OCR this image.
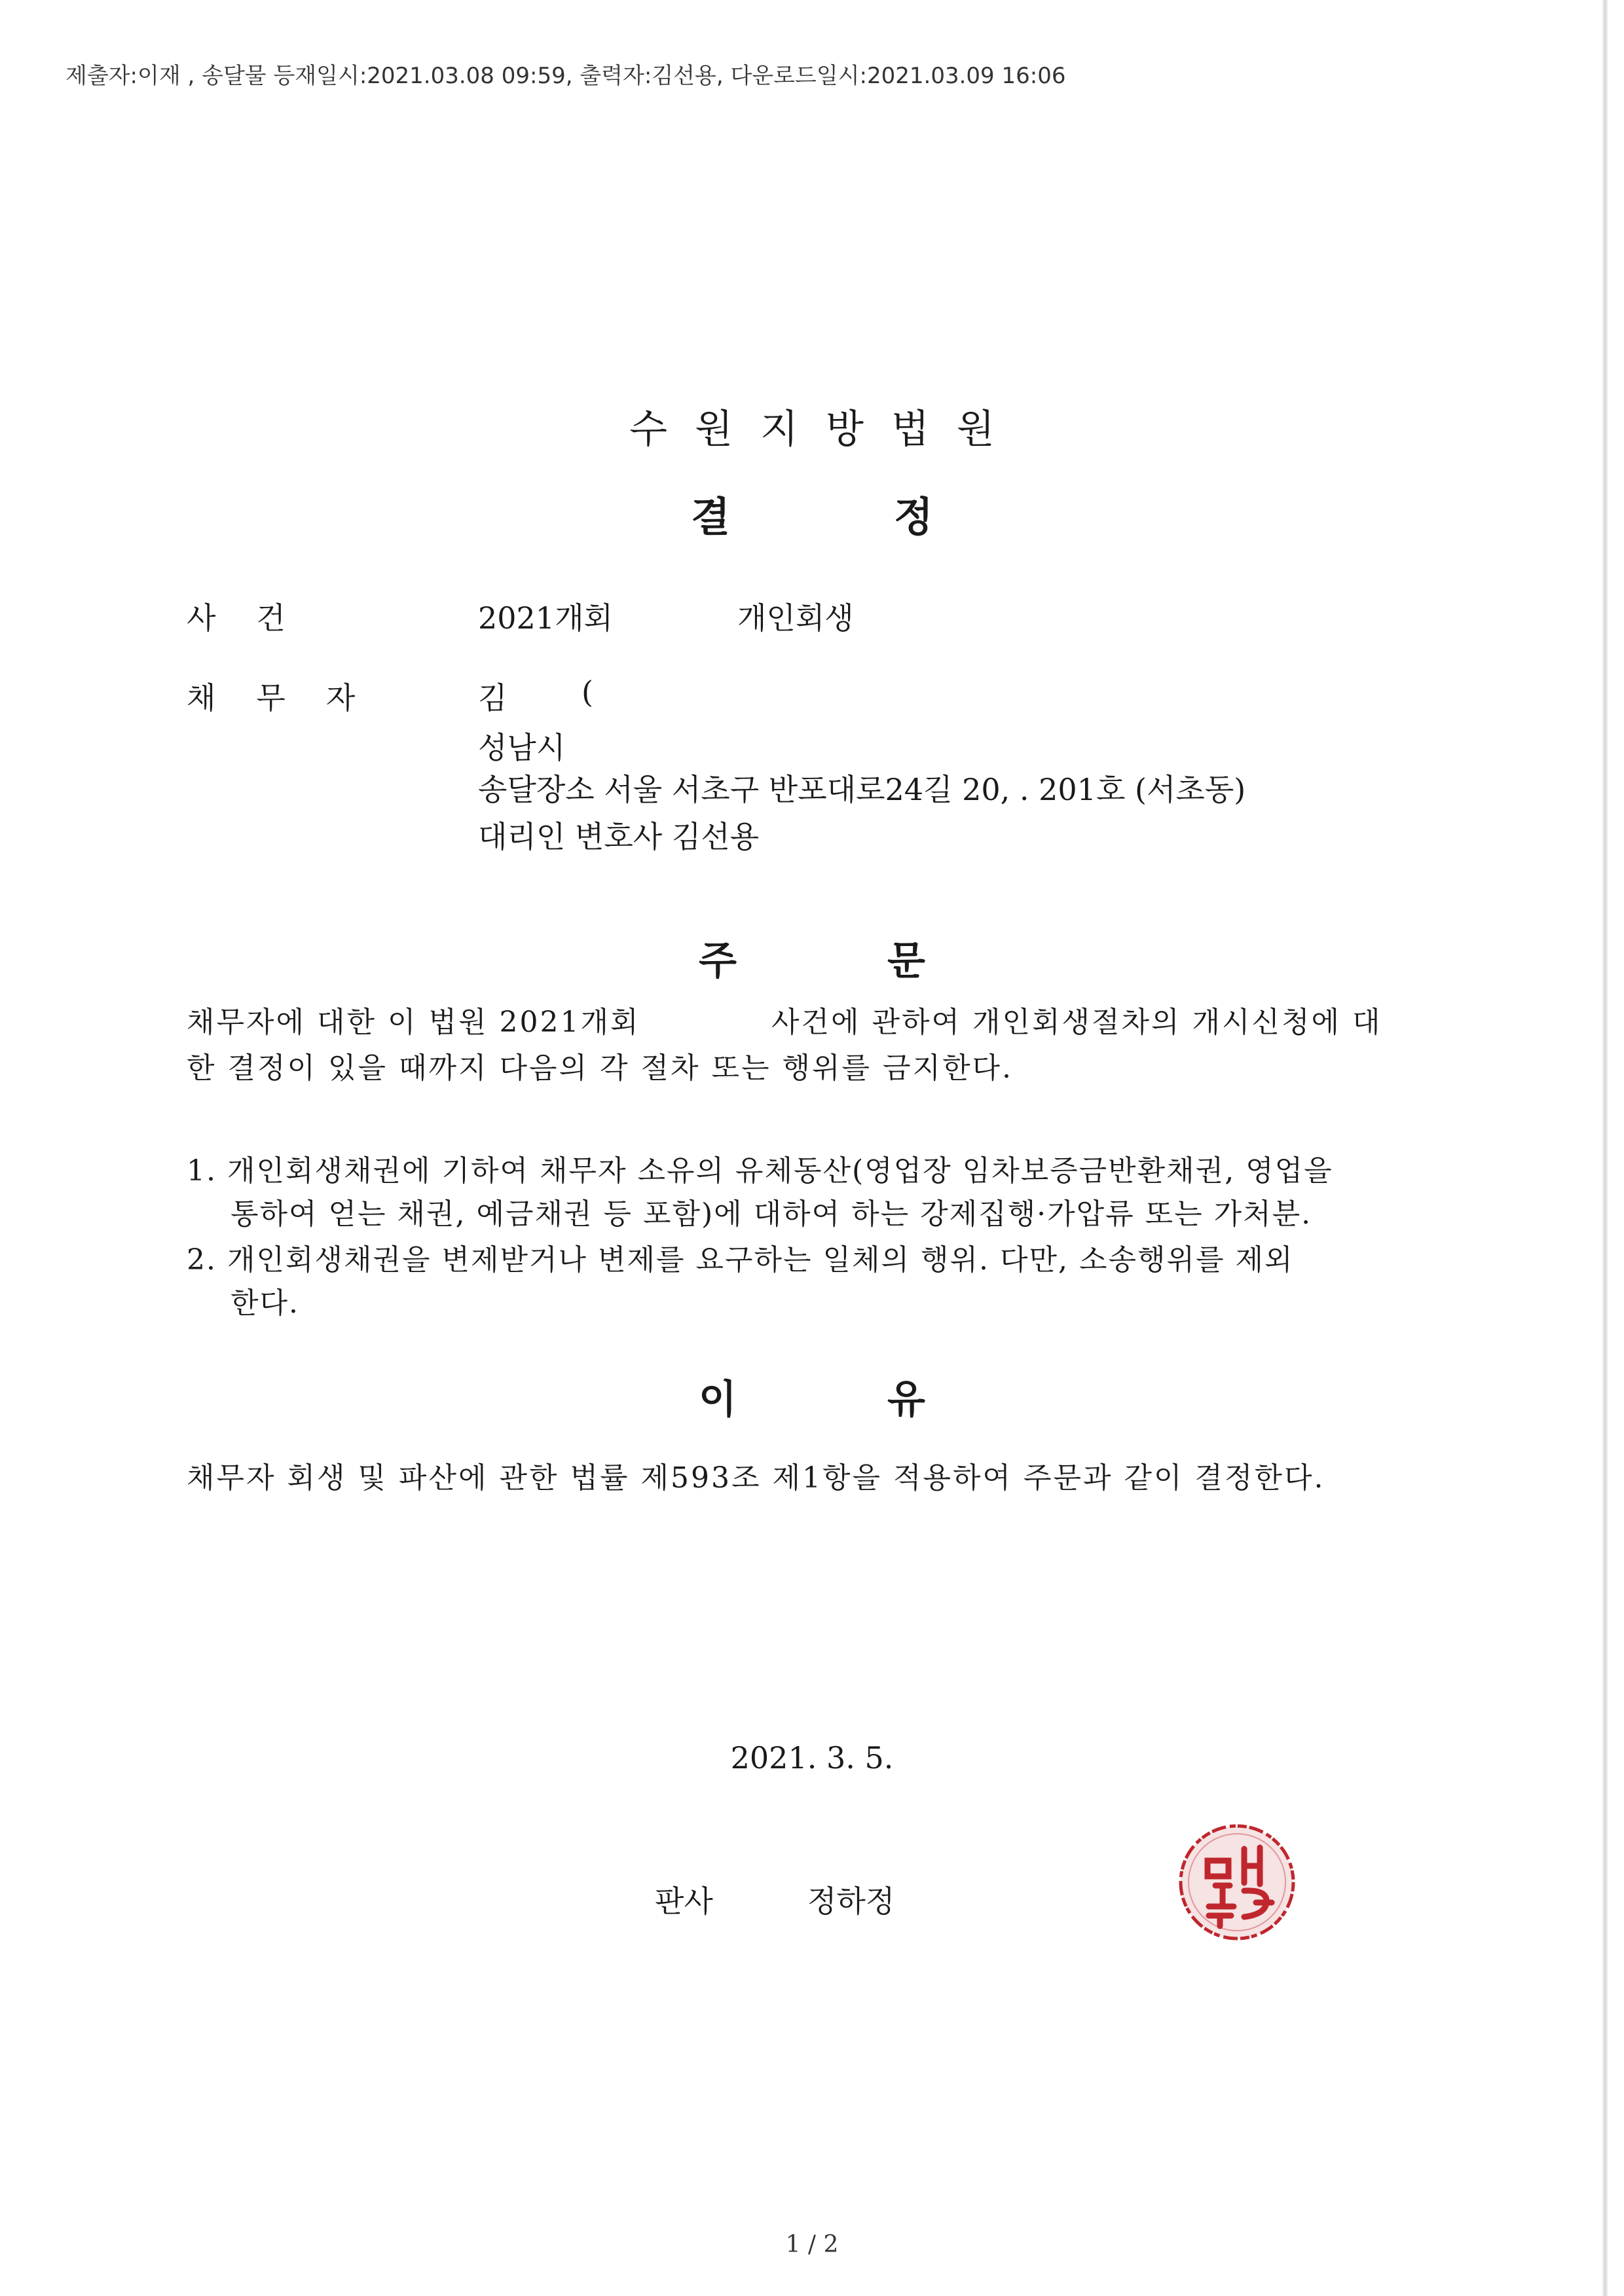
제출자:이재 , 송달물 등재일시:2021.03.08 09:59, 출력자:김선용, 다운로드일시:2021.03.09 16:06
수원지방법원
결정
사건	2021개회	개인회생
채무자	김 (
성남시
송달장소 서울 서초구 반포대로24길 20, . 201호 (서초동)
대리인 변호사 김선용
주문
채무자에 대한 이 법원 2021개회	사건에 관하여 개인회생절차의 개시신청에 대
한 결정이 있을 때까지 다음의 각 절차 또는 행위를 금지한다.
1. 개인회생채권에 기하여 채무자 소유의 유체동산(영업장 임차보증금반환채권, 영업을
통하여 얻는 채권, 예금채권 등 포함)에 대하여 하는 강제집행·가압류 또는 가처분.
2. 개인회생채권을 변제받거나 변제를 요구하는 일체의 행위. 다만, 소송행위를 제외
한다.
이유
채무자 회생 및 파산에 관한 법률 제593조 제1항을 적용하여 주문과 같이 결정한다.
2021. 3. 5.
판사	정하정
1 / 2
